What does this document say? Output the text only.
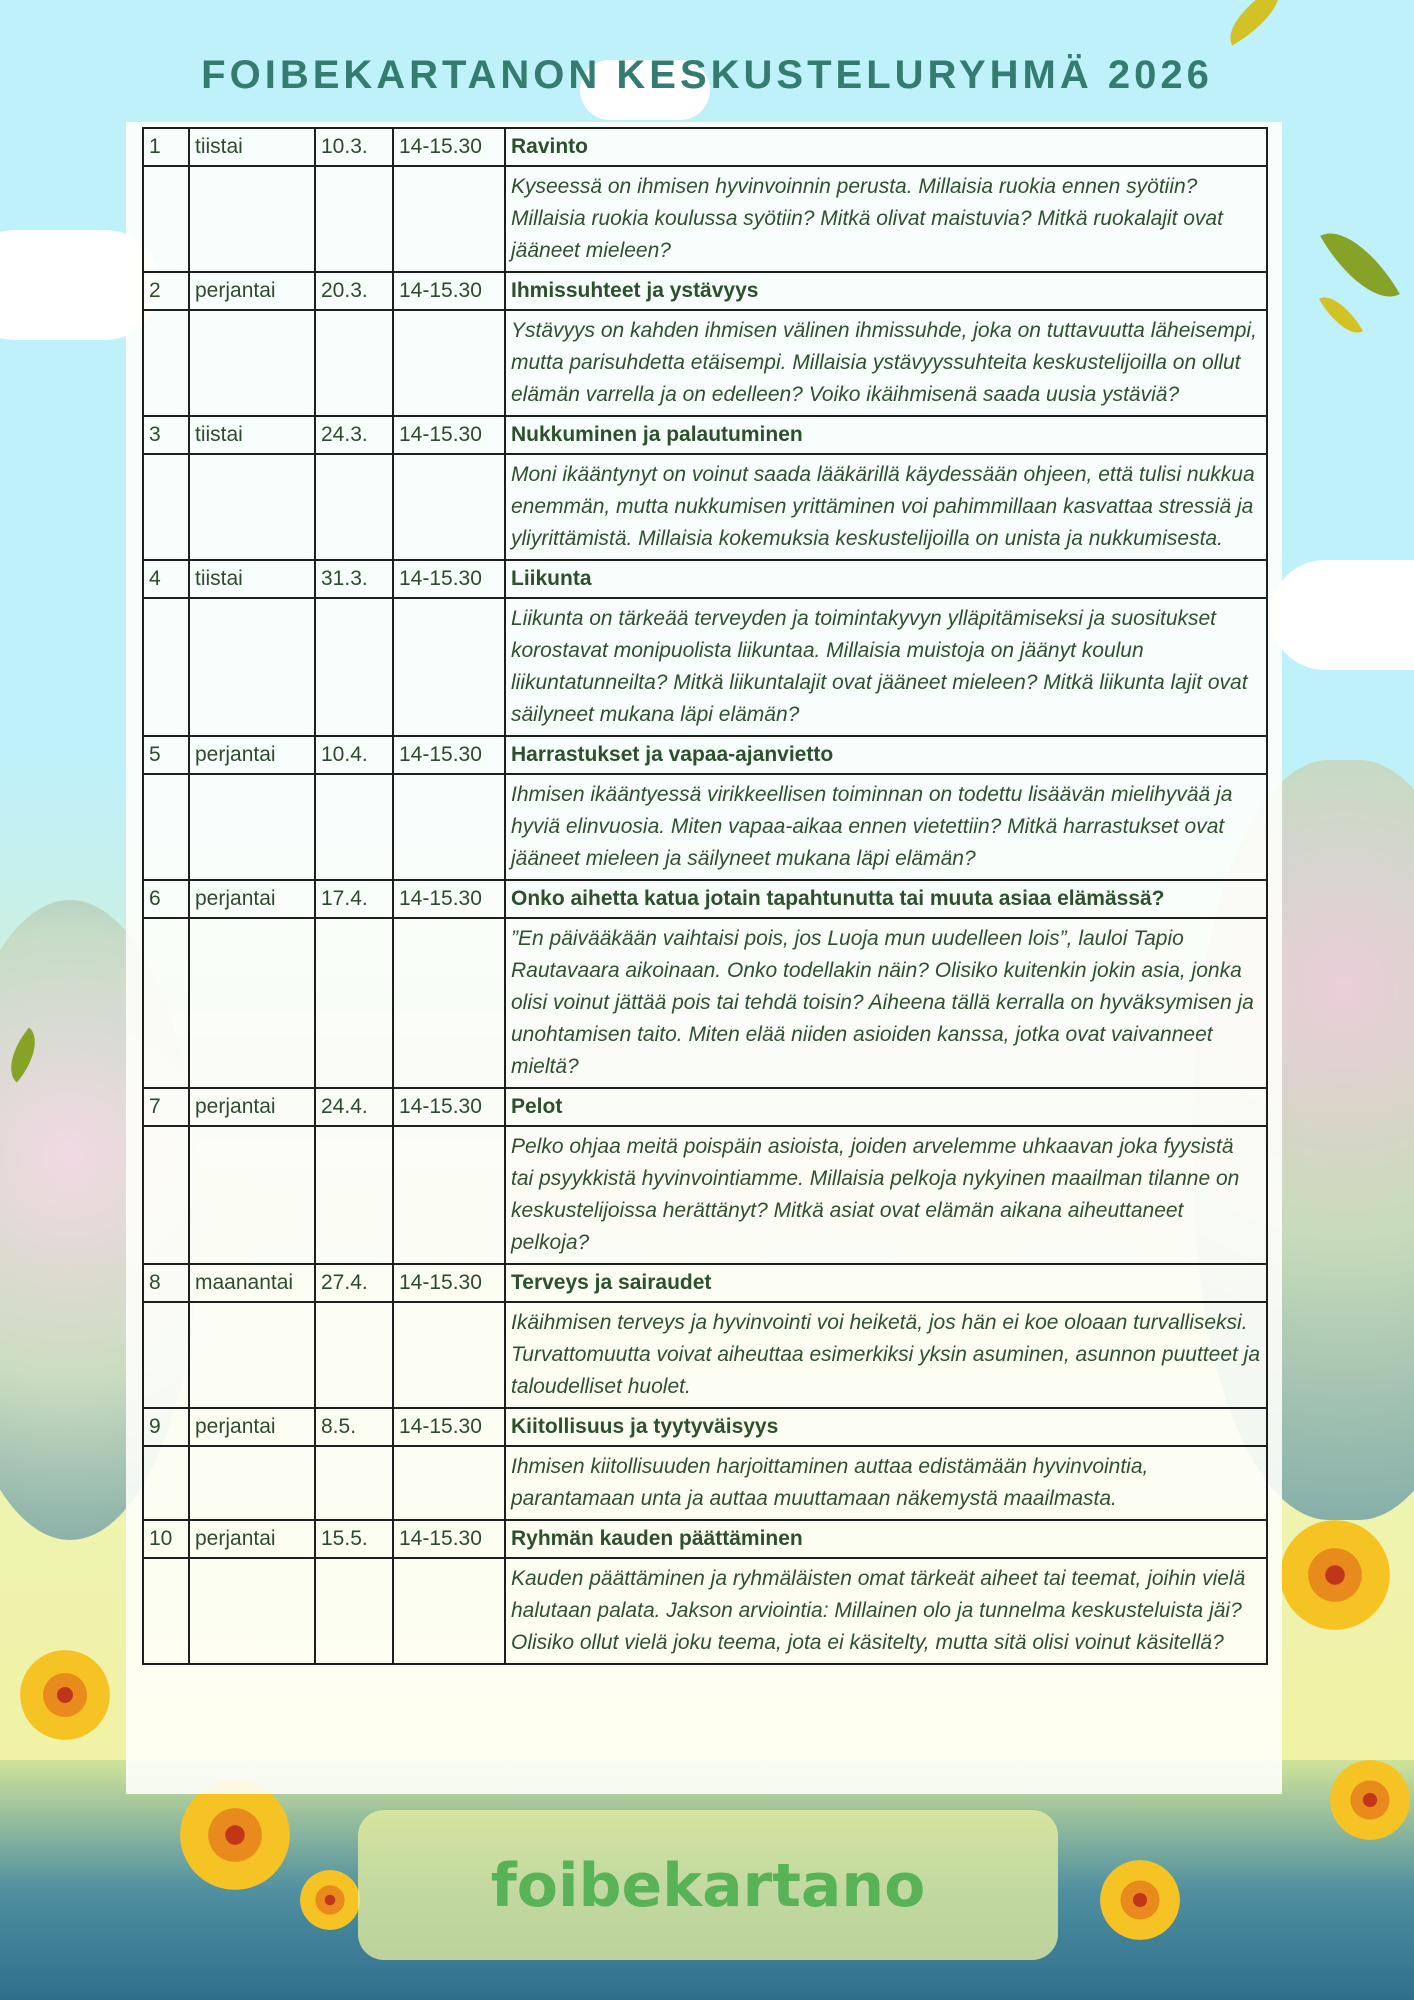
FOIBEKARTANON KESKUSTELURYHMÄ 2026
1	tiistai	10.3.	14-15.30	Ravinto
				Kyseessä on ihmisen hyvinvoinnin perusta. Millaisia ruokia ennen syötiin? Millaisia ruokia koulussa syötiin? Mitkä olivat maistuvia? Mitkä ruokalajit ovat jääneet mieleen?
2	perjantai	20.3.	14-15.30	Ihmissuhteet ja ystävyys
				Ystävyys on kahden ihmisen välinen ihmissuhde, joka on tuttavuutta läheisempi, mutta parisuhdetta etäisempi. Millaisia ystävyyssuhteita keskustelijoilla on ollut elämän varrella ja on edelleen? Voiko ikäihmisenä saada uusia ystäviä?
3	tiistai	24.3.	14-15.30	Nukkuminen ja palautuminen
				Moni ikääntynyt on voinut saada lääkärillä käydessään ohjeen, että tulisi nukkua enemmän, mutta nukkumisen yrittäminen voi pahimmillaan kasvattaa stressiä ja yliyrittämistä. Millaisia kokemuksia keskustelijoilla on unista ja nukkumisesta.
4	tiistai	31.3.	14-15.30	Liikunta
				Liikunta on tärkeää terveyden ja toimintakyvyn ylläpitämiseksi ja suositukset korostavat monipuolista liikuntaa. Millaisia muistoja on jäänyt koulun liikuntatunneilta? Mitkä liikuntalajit ovat jääneet mieleen? Mitkä liikunta lajit ovat säilyneet mukana läpi elämän?
5	perjantai	10.4.	14-15.30	Harrastukset ja vapaa-ajanvietto
				Ihmisen ikääntyessä virikkeellisen toiminnan on todettu lisäävän mielihyvää ja hyviä elinvuosia. Miten vapaa-aikaa ennen vietettiin? Mitkä harrastukset ovat jääneet mieleen ja säilyneet mukana läpi elämän?
6	perjantai	17.4.	14-15.30	Onko aihetta katua jotain tapahtunutta tai muuta asiaa elämässä?
				”En päivääkään vaihtaisi pois, jos Luoja mun uudelleen lois”, lauloi Tapio Rautavaara aikoinaan. Onko todellakin näin? Olisiko kuitenkin jokin asia, jonka olisi voinut jättää pois tai tehdä toisin? Aiheena tällä kerralla on hyväksymisen ja unohtamisen taito. Miten elää niiden asioiden kanssa, jotka ovat vaivanneet mieltä?
7	perjantai	24.4.	14-15.30	Pelot
				Pelko ohjaa meitä poispäin asioista, joiden arvelemme uhkaavan joka fyysistä tai psyykkistä hyvinvointiamme. Millaisia pelkoja nykyinen maailman tilanne on keskustelijoissa herättänyt? Mitkä asiat ovat elämän aikana aiheuttaneet pelkoja?
8	maanantai	27.4.	14-15.30	Terveys ja sairaudet
				Ikäihmisen terveys ja hyvinvointi voi heiketä, jos hän ei koe oloaan turvalliseksi. Turvattomuutta voivat aiheuttaa esimerkiksi yksin asuminen, asunnon puutteet ja taloudelliset huolet.
9	perjantai	8.5.	14-15.30	Kiitollisuus ja tyytyväisyys
				Ihmisen kiitollisuuden harjoittaminen auttaa edistämään hyvinvointia, parantamaan unta ja auttaa muuttamaan näkemystä maailmasta.
10	perjantai	15.5.	14-15.30	Ryhmän kauden päättäminen
				Kauden päättäminen ja ryhmäläisten omat tärkeät aiheet tai teemat, joihin vielä halutaan palata. Jakson arviointia: Millainen olo ja tunnelma keskusteluista jäi? Olisiko ollut vielä joku teema, jota ei käsitelty, mutta sitä olisi voinut käsitellä?
foibekartano
